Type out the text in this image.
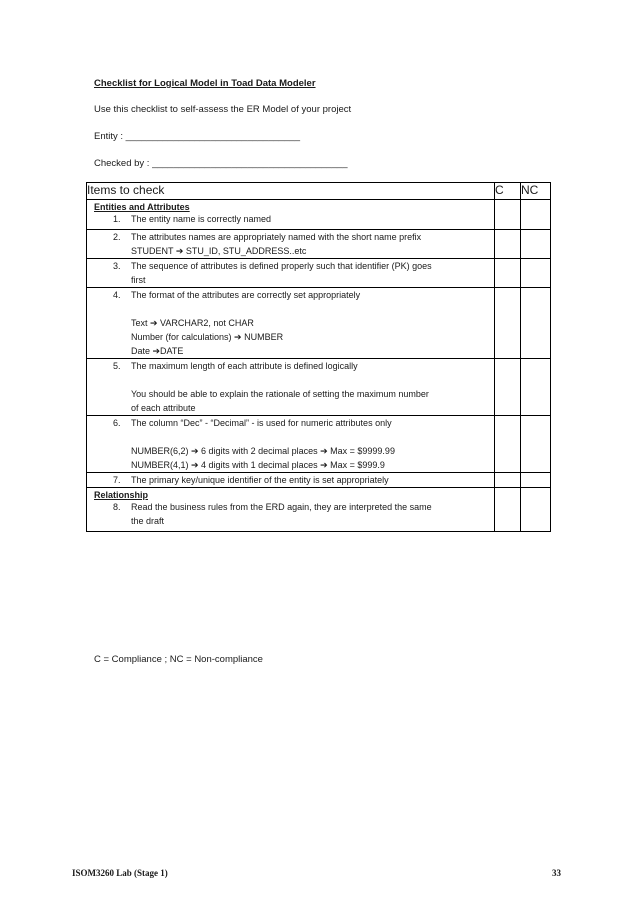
Checklist for Logical Model in Toad Data Modeler
Use this checklist to self-assess the ER Model of your project
Entity : _________________________________
Checked by : _____________________________________
Items to check	C	NC

Entities and Attributes
1. The entity name is correctly named		

2. The attributes names are appropriately named with the short name prefix

STUDENT ➔ STU_ID, STU_ADDRESS..etc		

3. The sequence of attributes is defined properly such that identifier (PK) goes

first		

4. The format of the attributes are correctly set appropriately

Text ➔ VARCHAR2, not CHAR

Number (for calculations) ➔ NUMBER

Date ➔DATE		

5. The maximum length of each attribute is defined logically

You should be able to explain the rationale of setting the maximum number

of each attribute		

6. The column “Dec” - “Decimal” - is used for numeric attributes only

NUMBER(6,2) ➔ 6 digits with 2 decimal places ➔ Max = $9999.99

NUMBER(4,1) ➔ 4 digits with 1 decimal places ➔ Max = $999.9		

7. The primary key/unique identifier of the entity is set appropriately		

Relationship
8. Read the business rules from the ERD again, they are interpreted the same

the draft		

C = Compliance ; NC = Non-compliance
ISOM3260 Lab (Stage 1)	33
